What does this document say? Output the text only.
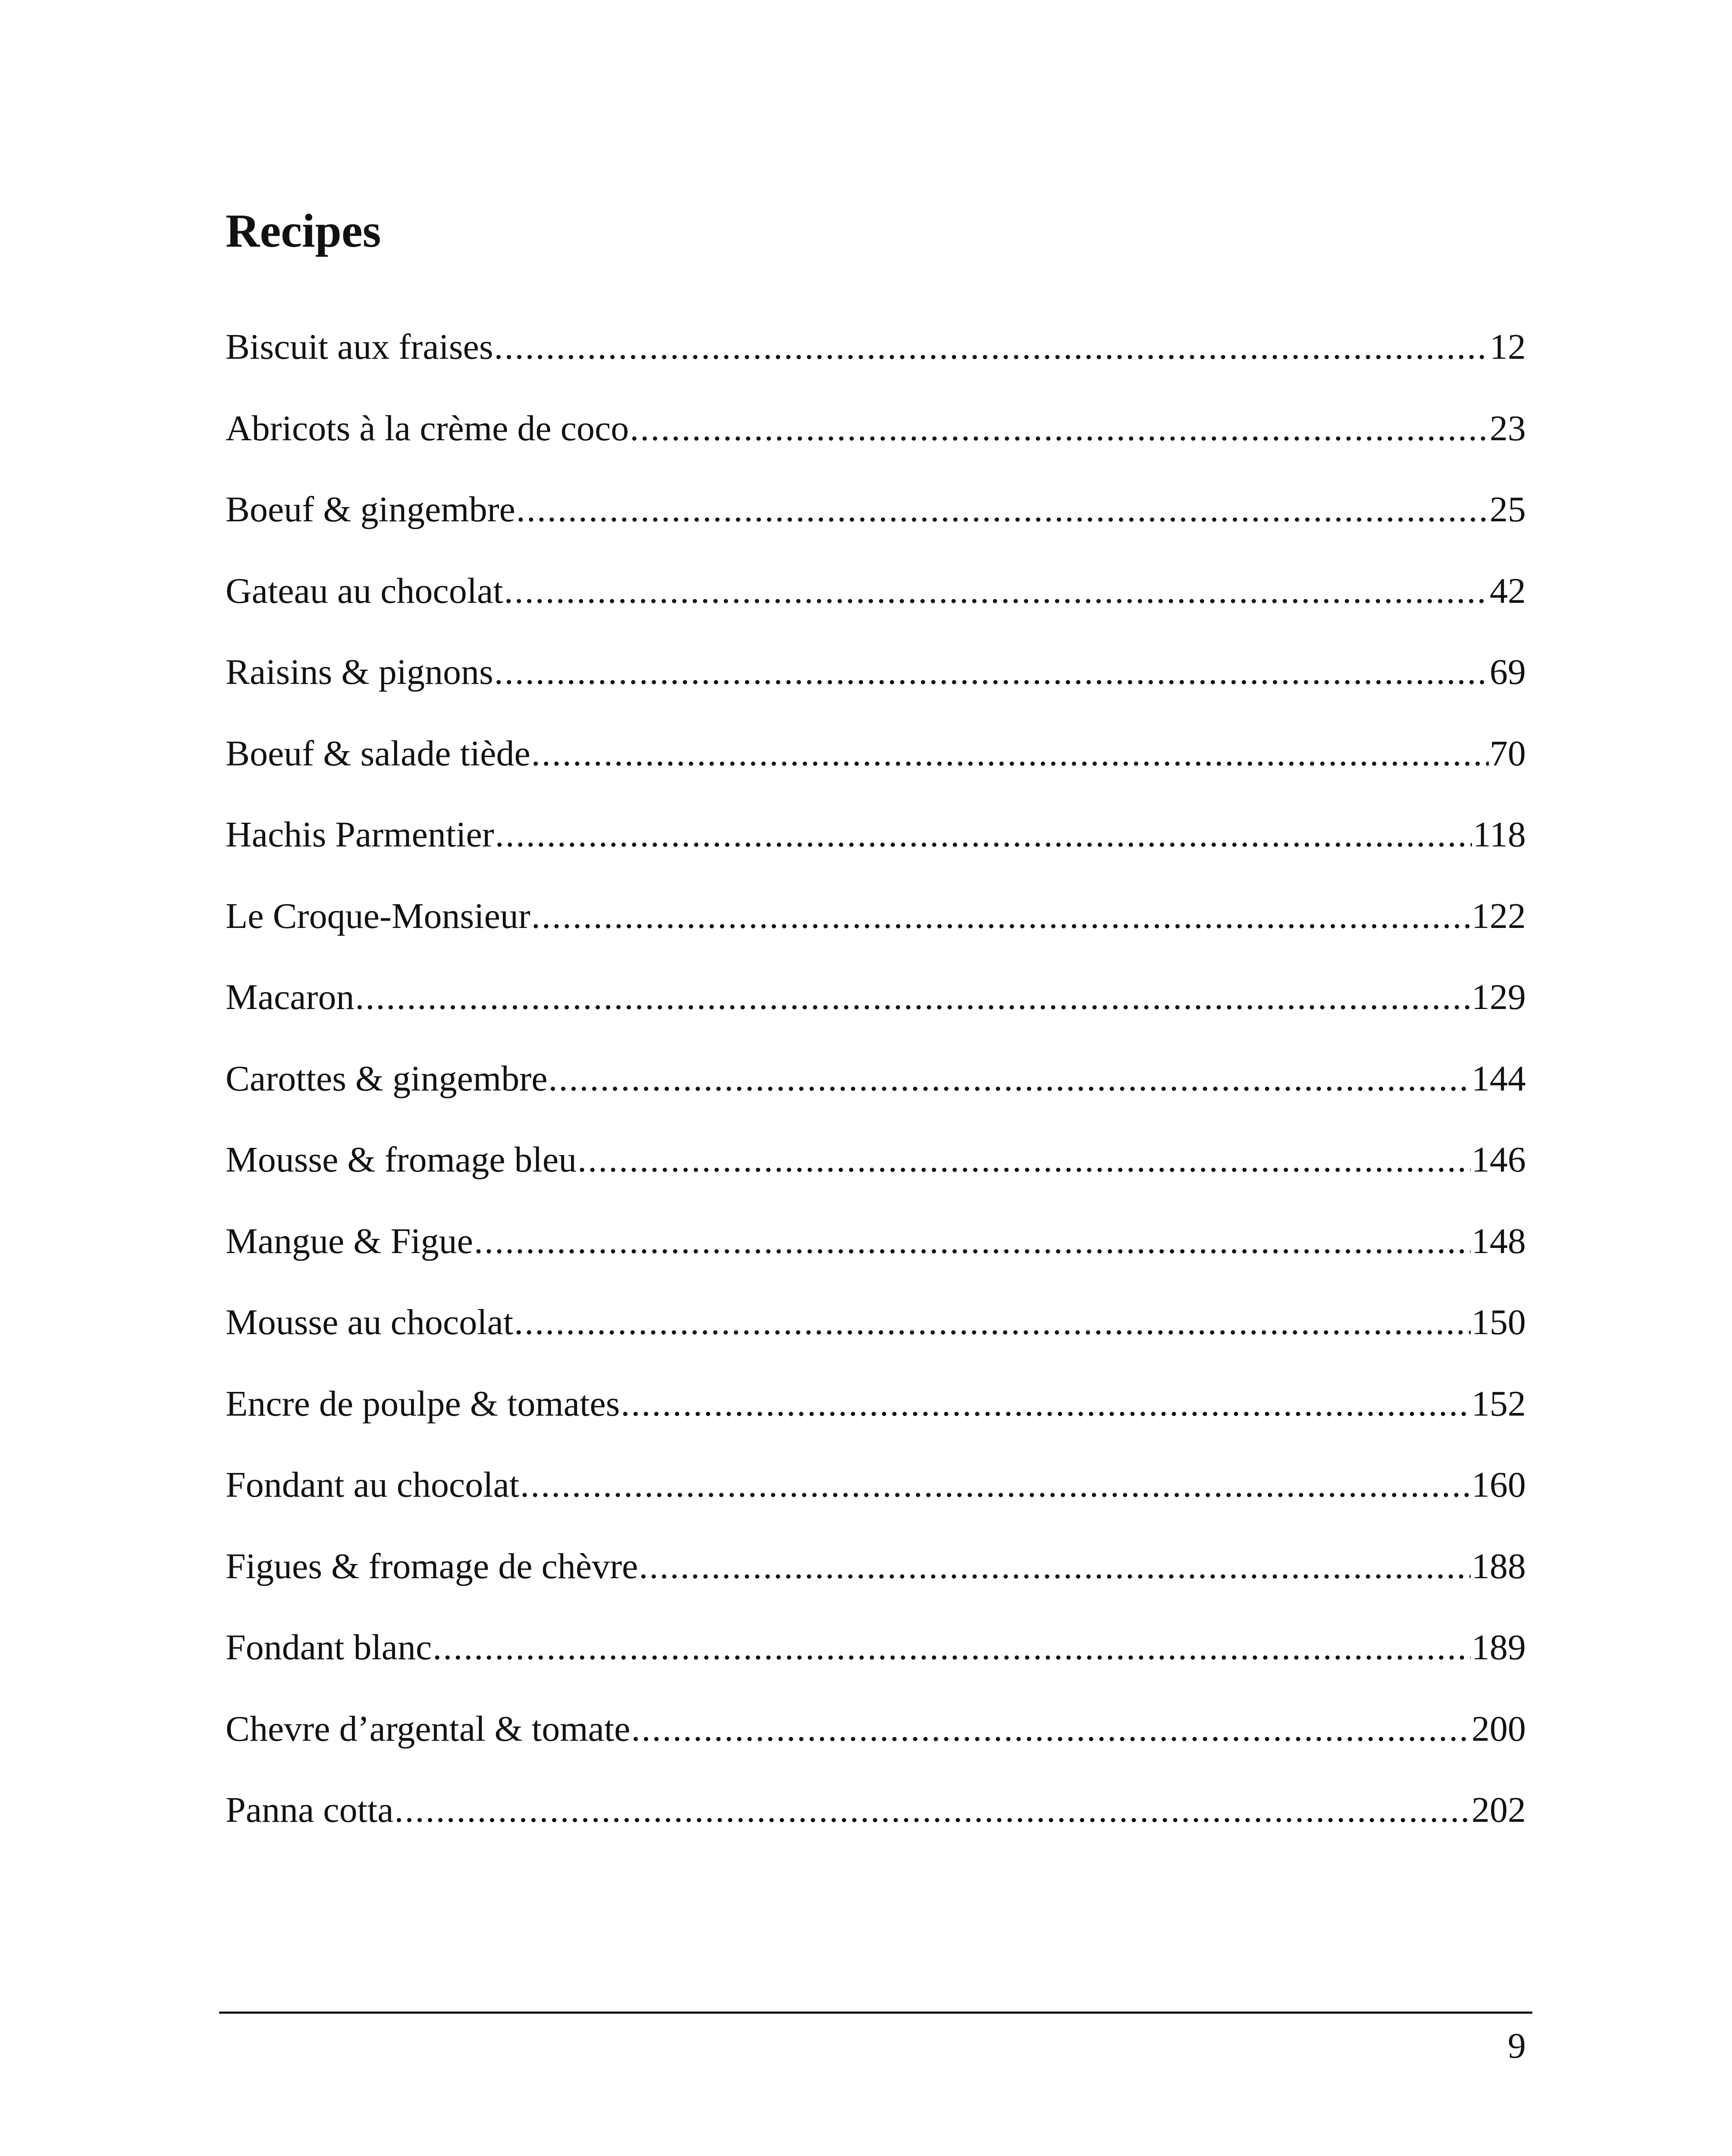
Recipes
Biscuit aux fraises .....	12
Abricots à la crème de coco .....	23
Boeuf & gingembre .....	25
Gateau au chocolat .....	42
Raisins & pignons .....	69
Boeuf & salade tiède .....	70
Hachis Parmentier .....	118
Le Croque-Monsieur .....	122
Macaron .....	129
Carottes & gingembre .....	144
Mousse & fromage bleu .....	146
Mangue & Figue .....	148
Mousse au chocolat .....	150
Encre de poulpe & tomates .....	152
Fondant au chocolat .....	160
Figues & fromage de chèvre .....	188
Fondant blanc .....	189
Chevre d’argental & tomate .....	200
Panna cotta .....	202
9
